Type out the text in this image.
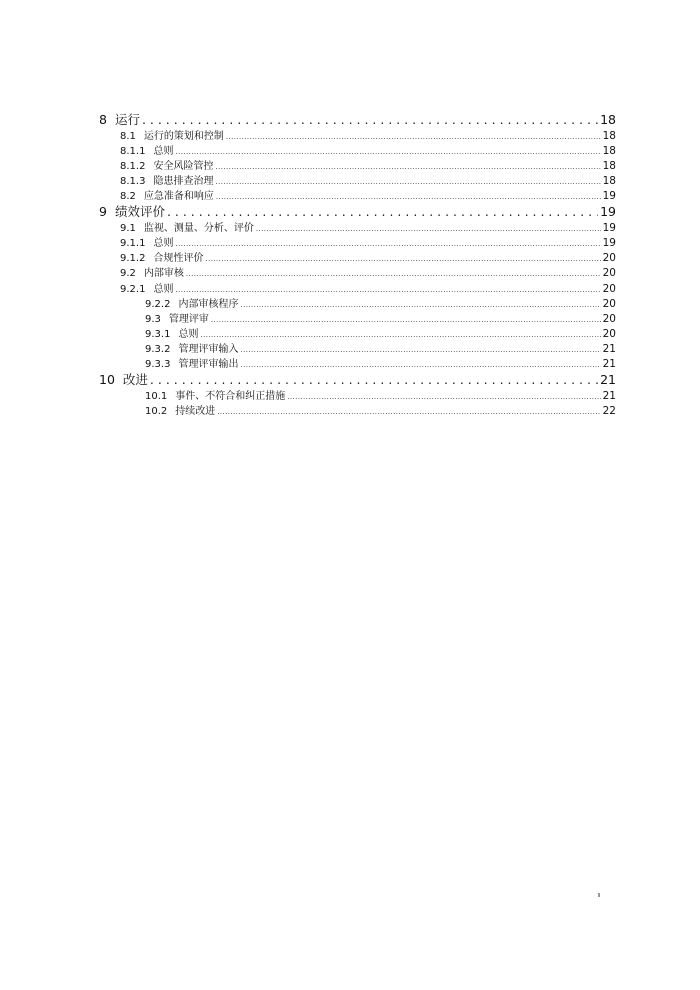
8 运行 . . .	18
8.1 运行的策划和控制 .....	18
8.1.1 总则 .....	18
8.1.2 安全风险管控 .....	18
8.1.3 隐患排查治理 .....	18
8.2 应急准备和响应 .....	19
9 绩效评价 . . .	19
9.1 监视、测量、分析、评价 .....	19
9.1.1 总则 .....	19
9.1.2 合规性评价 .....	20
9.2 内部审核 .....	20
9.2.1 总则 .....	20
9.2.2 内部审核程序 .....	20
9.3 管理评审 .....	20
9.3.1 总则 .....	20
9.3.2 管理评审输入 .....	21
9.3.3 管理评审输出 .....	21
10 改进 . . .	21
10.1 事件、不符合和纠正措施 .....	21
10.2 持续改进 .....	22
